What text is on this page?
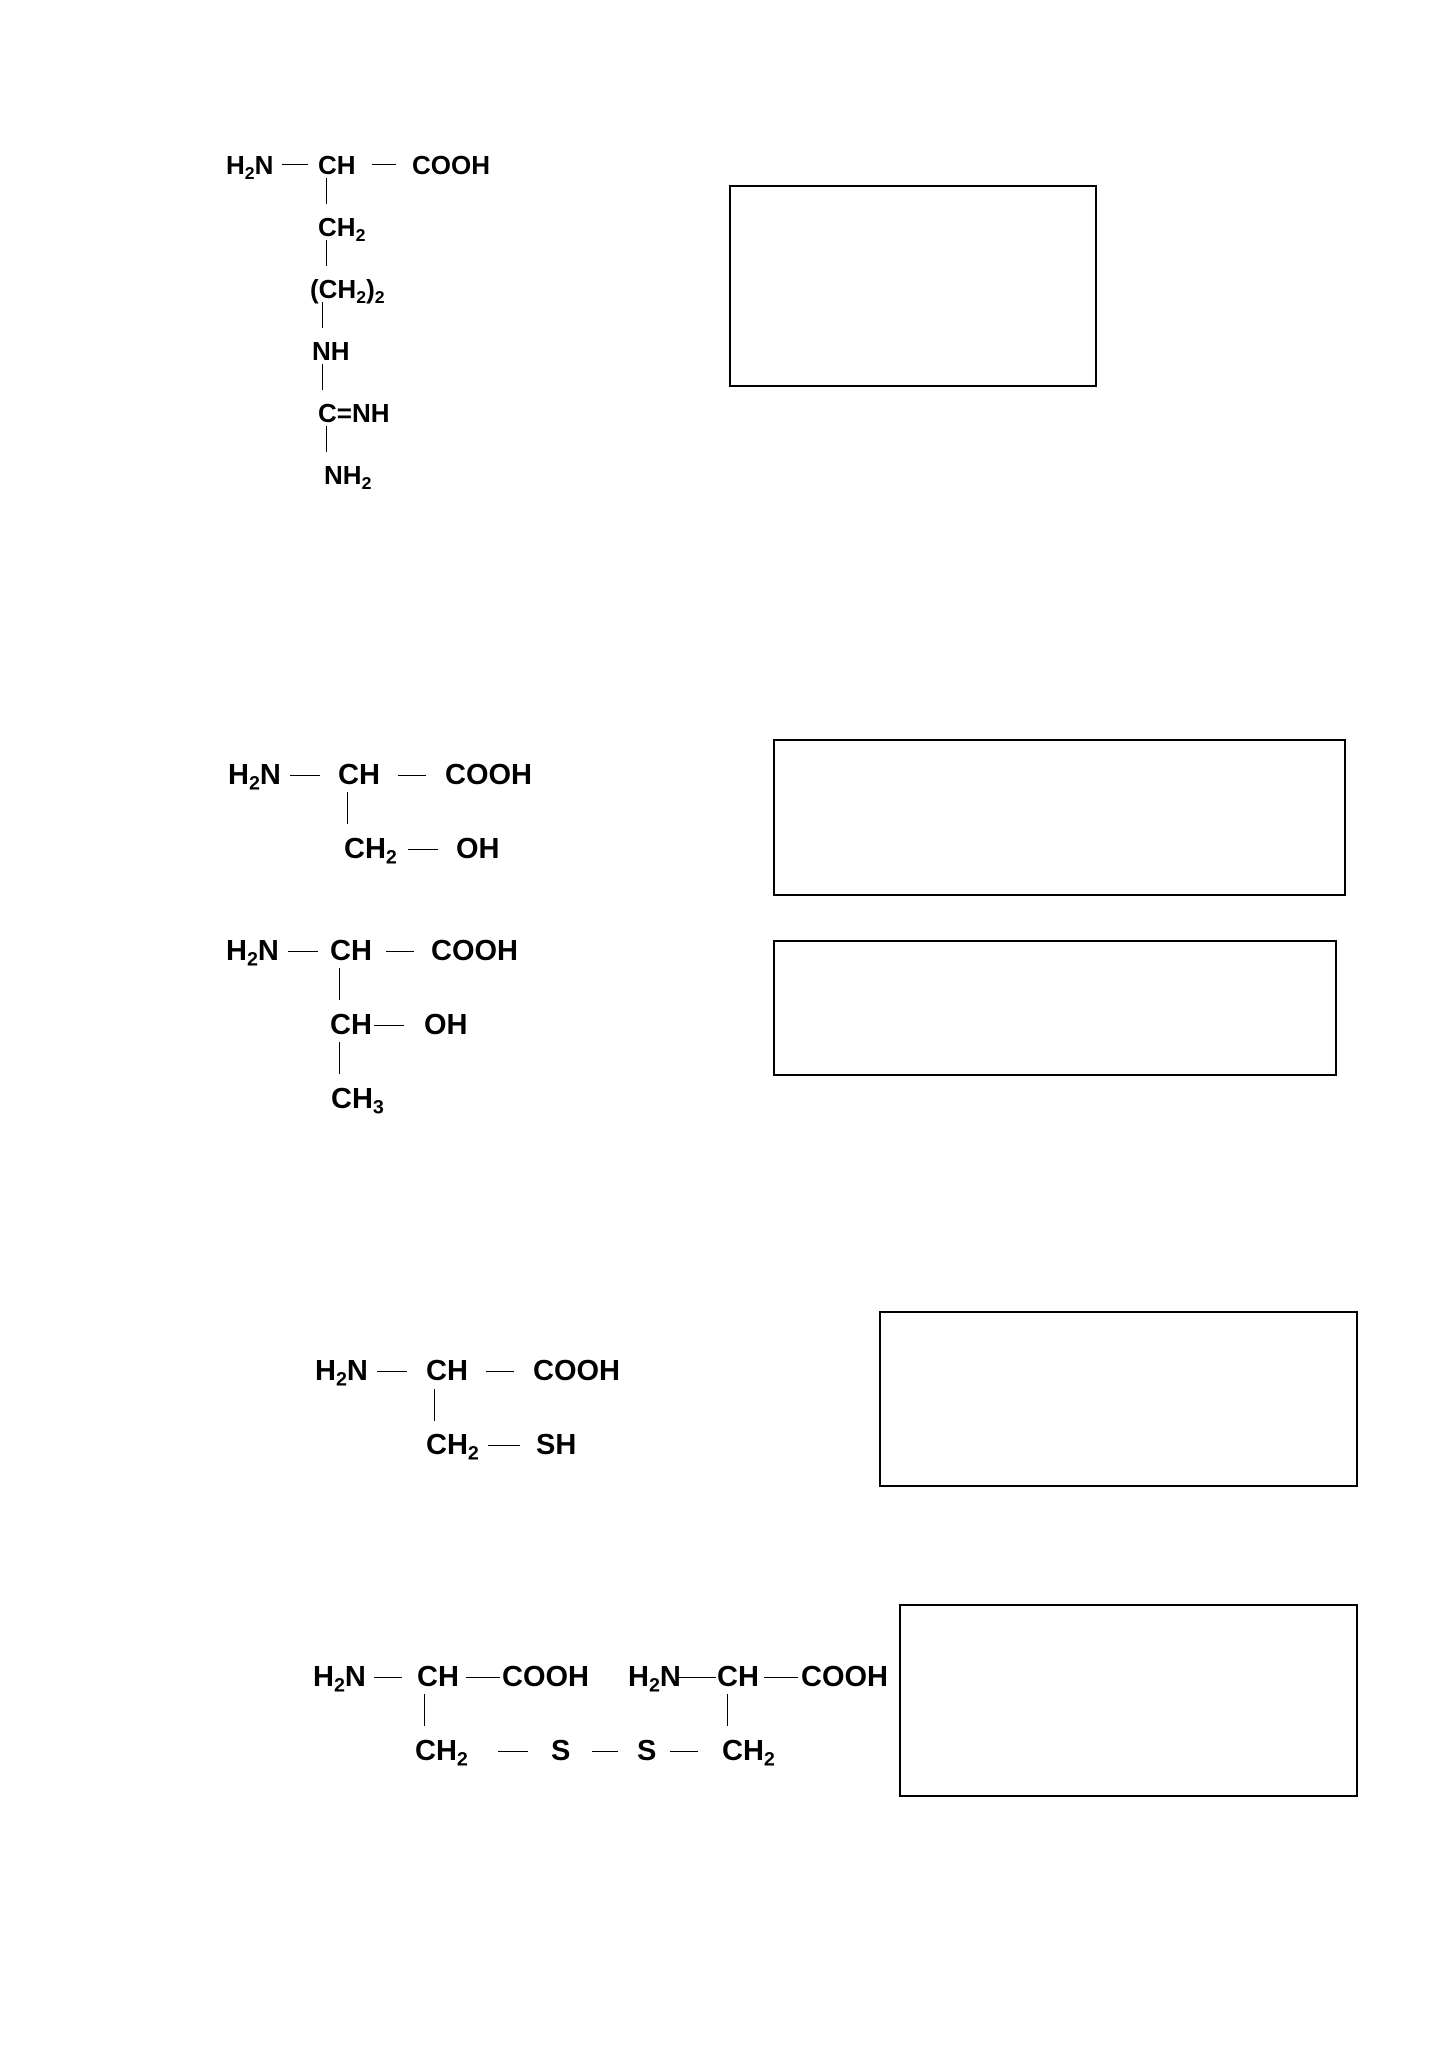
$H_2N$ CH COOH
$CH_2$
$(CH_2)_2$
NH
C=NH
$NH_2$
$H_2N$ CH COOH
$CH_2$ OH
$H_2N$ CH COOH
CH OH
$CH_3$
$H_2N$ CH COOH
$CH_2$ SH
$H_2N$ CH COOH $H_2N$ CH COOH
$CH_2$	S S $CH_2$
